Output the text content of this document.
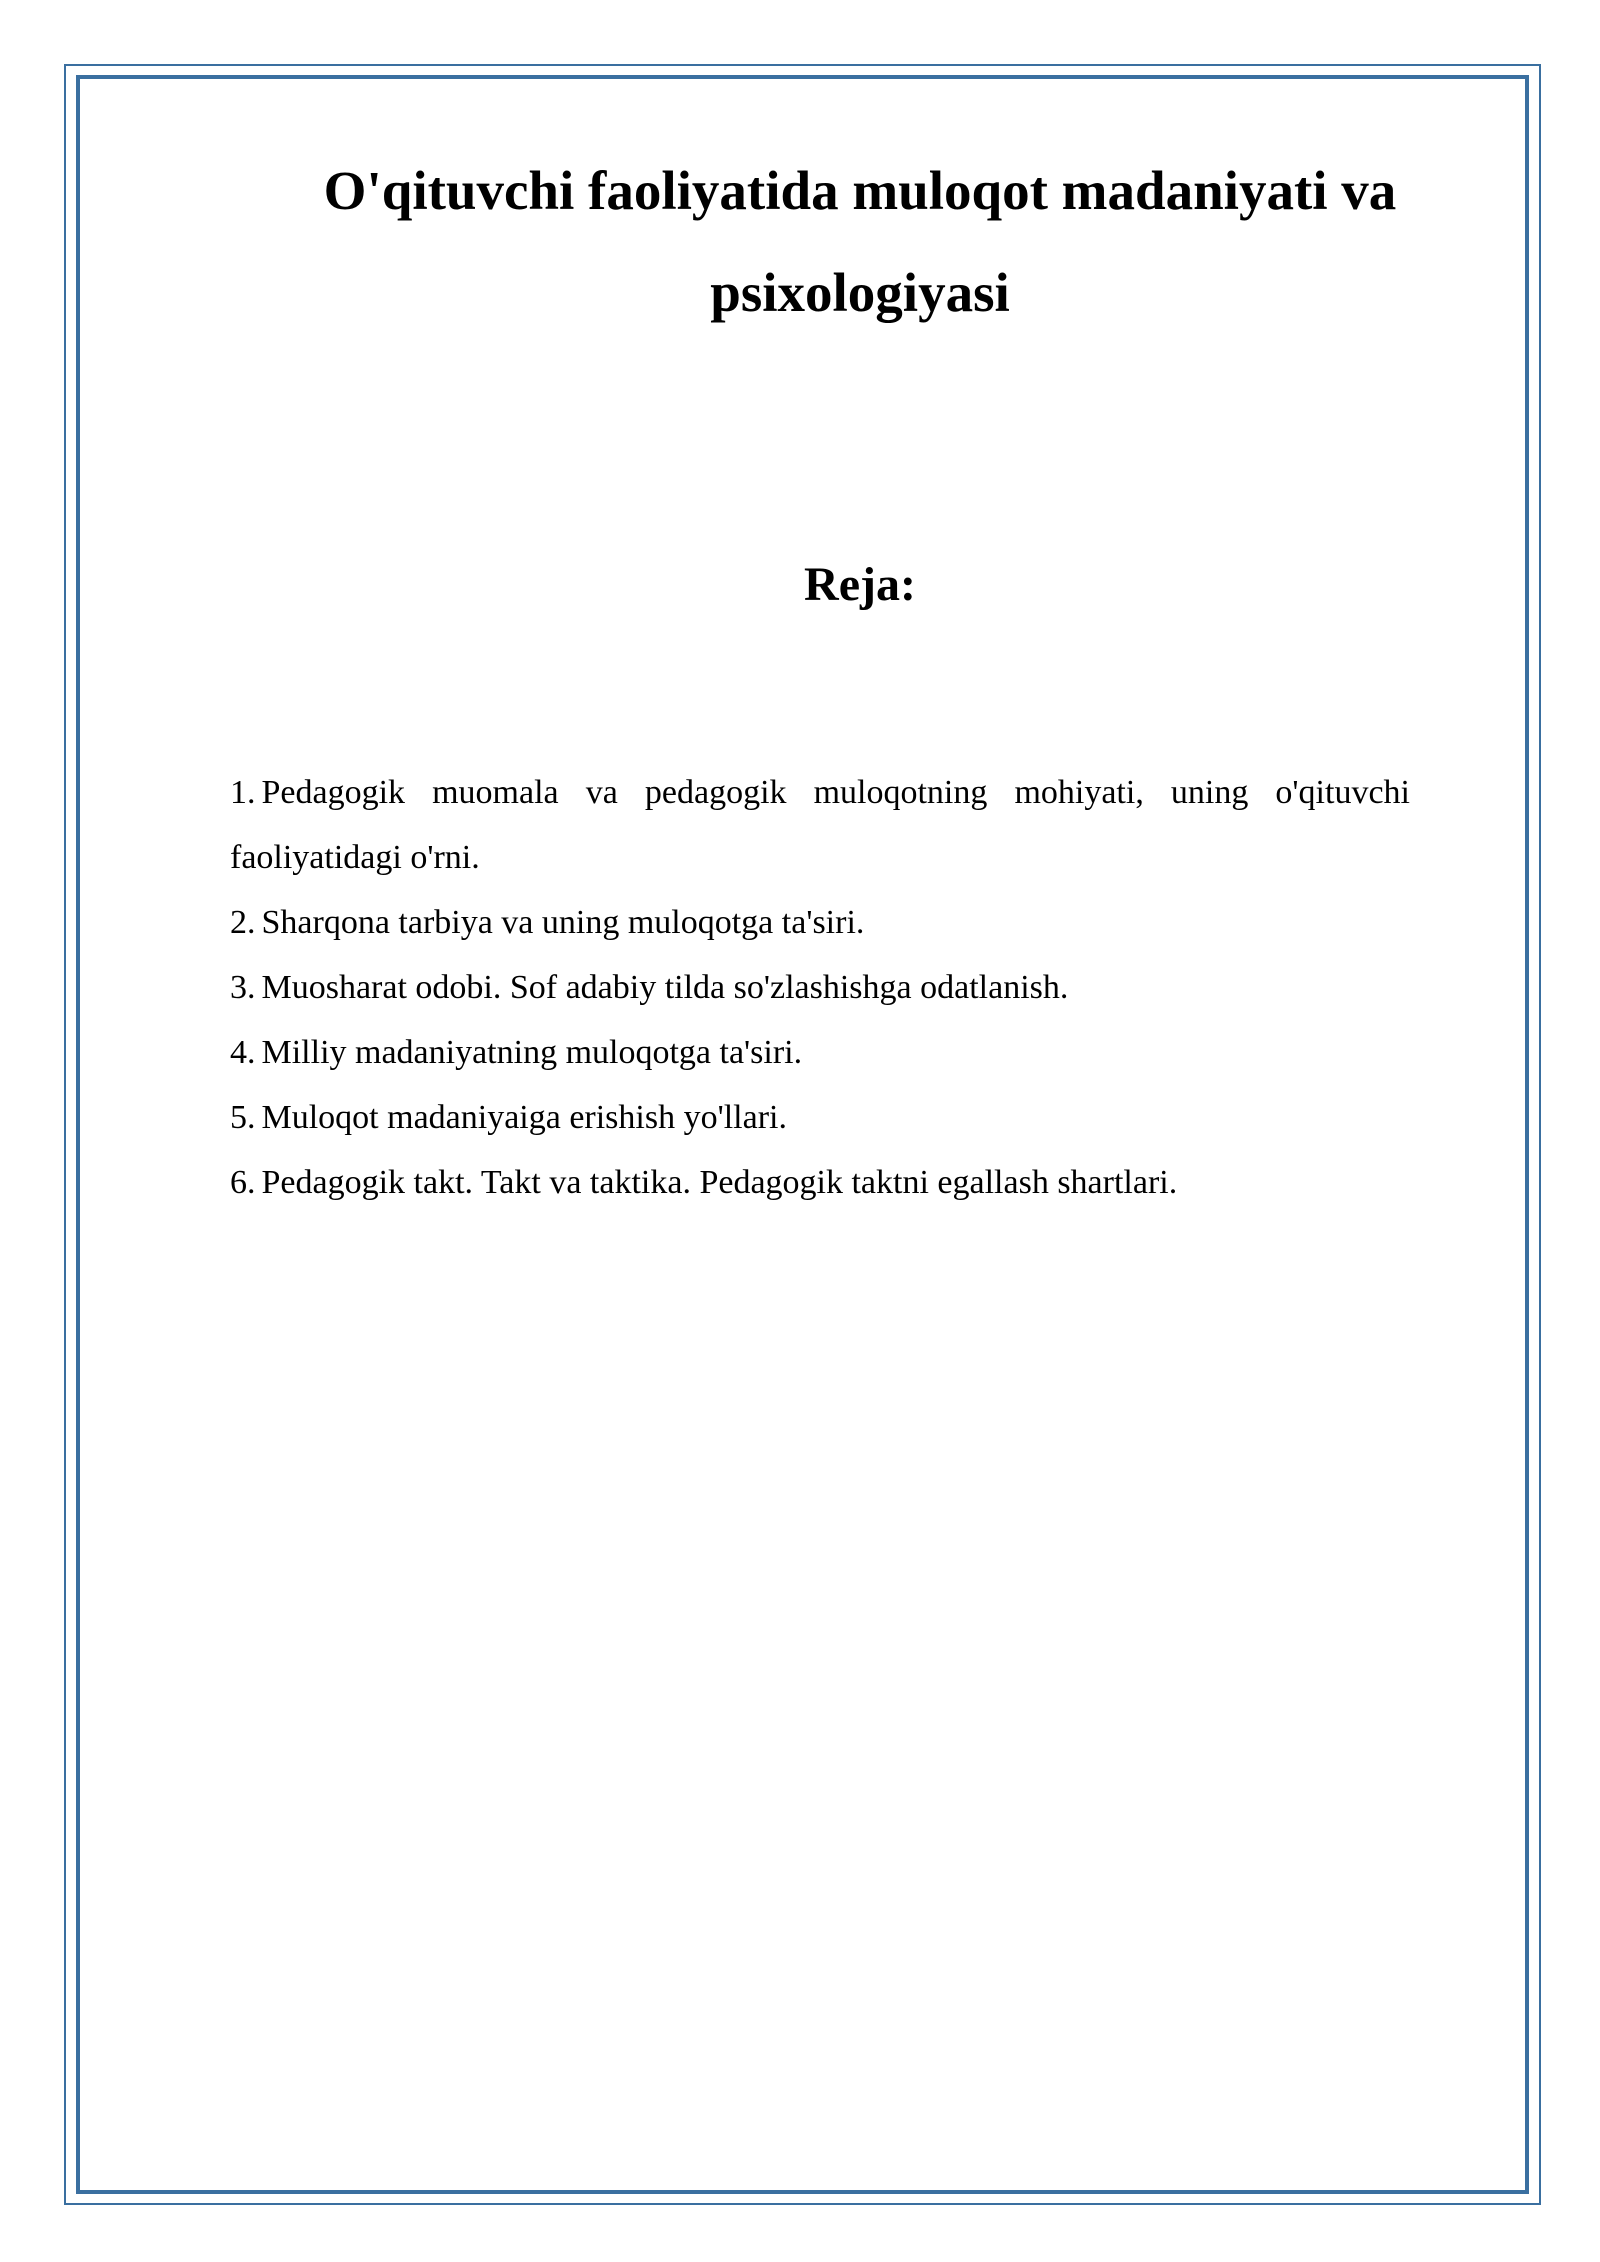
O'qituvchi faoliyatida muloqot madaniyati va psixologiyasi
Reja:
1. Pedagogik muomala va pedagogik muloqotning mohiyati, uning o'qituvchi faoliyatidagi o'rni.
2. Sharqona tarbiya va uning muloqotga ta'siri.
3. Muosharat odobi. Sof adabiy tilda so'zlashishga odatlanish.
4. Milliy madaniyatning muloqotga ta'siri.
5. Muloqot madaniyaiga erishish yo'llari.
6. Pedagogik takt. Takt va taktika. Pedagogik taktni egallash shartlari.
